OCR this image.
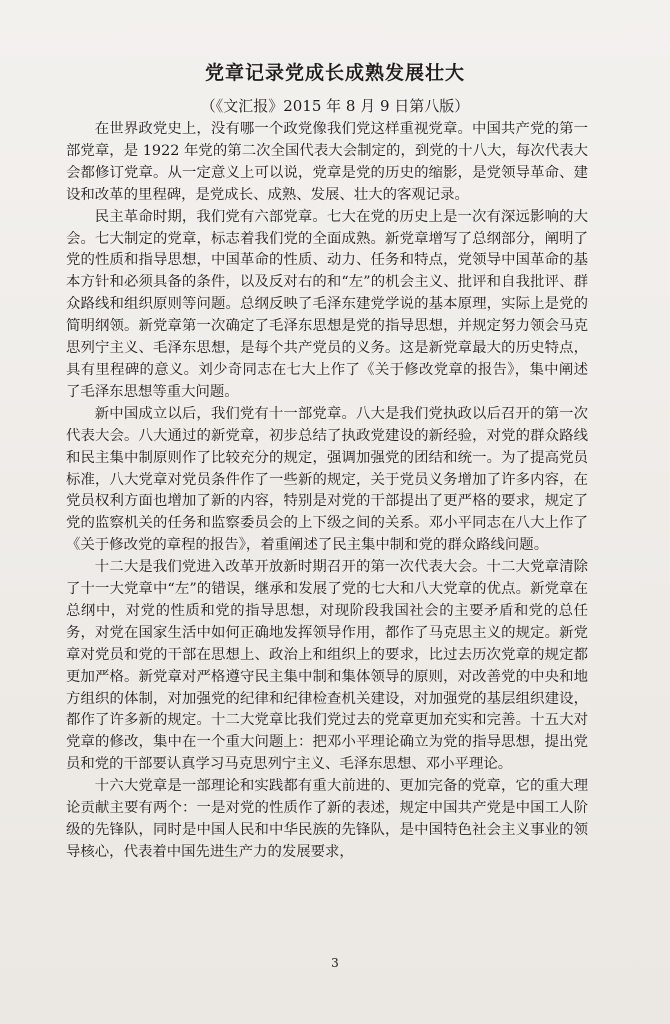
党章记录党成长成熟发展壮大
（《文汇报》2015 年 8 月 9 日第八版）

在世界政党史上，没有哪一个政党像我们党这样重视党章。中国共产党的第一部党章，是 1922 年党的第二次全国代表大会制定的，到党的十八大，每次代表大会都修订党章。从一定意义上可以说，党章是党的历史的缩影，是党领导革命、建设和改革的里程碑，是党成长、成熟、发展、壮大的客观记录。

民主革命时期，我们党有六部党章。七大在党的历史上是一次有深远影响的大会。七大制定的党章，标志着我们党的全面成熟。新党章增写了总纲部分，阐明了党的性质和指导思想，中国革命的性质、动力、任务和特点，党领导中国革命的基本方针和必须具备的条件，以及反对右的和“左”的机会主义、批评和自我批评、群众路线和组织原则等问题。总纲反映了毛泽东建党学说的基本原理，实际上是党的简明纲领。新党章第一次确定了毛泽东思想是党的指导思想，并规定努力领会马克思列宁主义、毛泽东思想，是每个共产党员的义务。这是新党章最大的历史特点，具有里程碑的意义。刘少奇同志在七大上作了《关于修改党章的报告》，集中阐述了毛泽东思想等重大问题。

新中国成立以后，我们党有十一部党章。八大是我们党执政以后召开的第一次代表大会。八大通过的新党章，初步总结了执政党建设的新经验，对党的群众路线和民主集中制原则作了比较充分的规定，强调加强党的团结和统一。为了提高党员标准，八大党章对党员条件作了一些新的规定，关于党员义务增加了许多内容，在党员权利方面也增加了新的内容，特别是对党的干部提出了更严格的要求，规定了党的监察机关的任务和监察委员会的上下级之间的关系。邓小平同志在八大上作了《关于修改党的章程的报告》，着重阐述了民主集中制和党的群众路线问题。

十二大是我们党进入改革开放新时期召开的第一次代表大会。十二大党章清除了十一大党章中“左”的错误，继承和发展了党的七大和八大党章的优点。新党章在总纲中，对党的性质和党的指导思想，对现阶段我国社会的主要矛盾和党的总任务，对党在国家生活中如何正确地发挥领导作用，都作了马克思主义的规定。新党章对党员和党的干部在思想上、政治上和组织上的要求，比过去历次党章的规定都更加严格。新党章对严格遵守民主集中制和集体领导的原则，对改善党的中央和地方组织的体制，对加强党的纪律和纪律检查机关建设，对加强党的基层组织建设，都作了许多新的规定。十二大党章比我们党过去的党章更加充实和完善。十五大对党章的修改，集中在一个重大问题上：把邓小平理论确立为党的指导思想，提出党员和党的干部要认真学习马克思列宁主义、毛泽东思想、邓小平理论。

十六大党章是一部理论和实践都有重大前进的、更加完备的党章，它的重大理论贡献主要有两个：一是对党的性质作了新的表述，规定中国共产党是中国工人阶级的先锋队，同时是中国人民和中华民族的先锋队，是中国特色社会主义事业的领导核心，代表着中国先进生产力的发展要求，

3
